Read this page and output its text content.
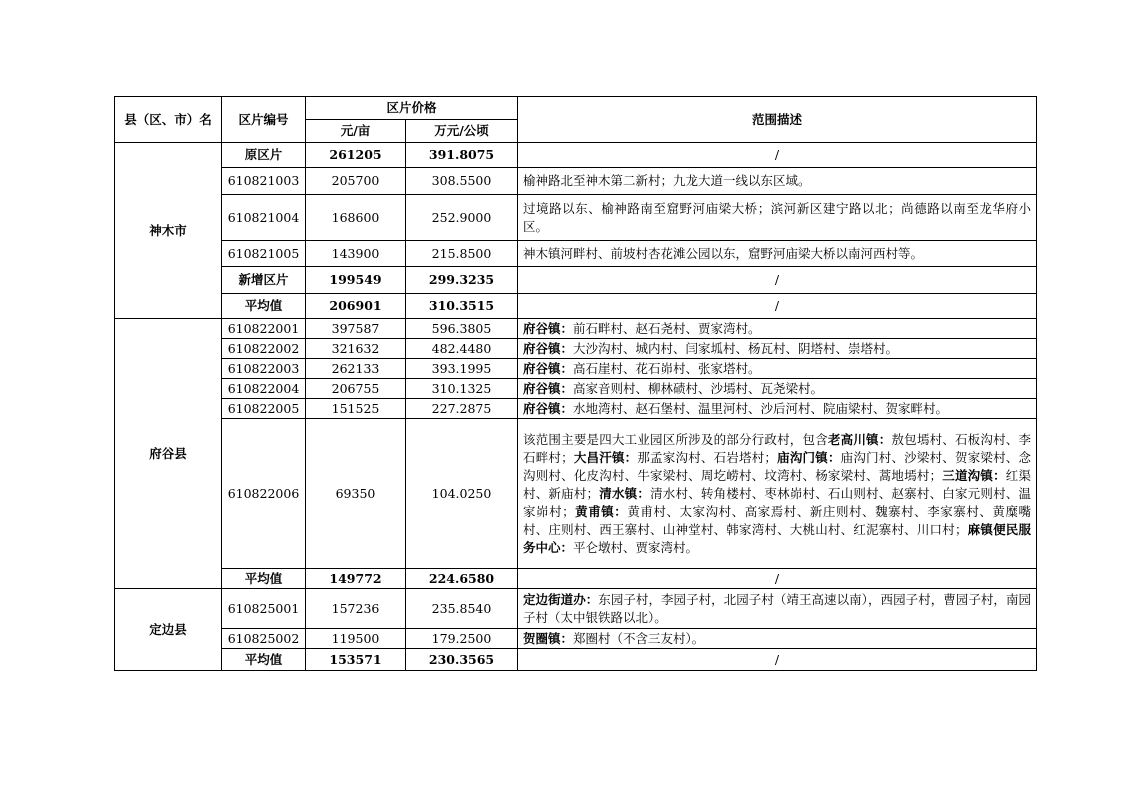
县（区、市）名	区片编号	区片价格		范围描述
		元/亩	万元/公顷	
神木市	原区片	261205	391.8075	/
	610821003	205700	308.5500	榆神路北至神木第二新村；九龙大道一线以东区域。
	610821004	168600	252.9000	过境路以东、榆神路南至窟野河庙梁大桥；滨河新区建宁路以北；尚德路以南至龙华府小区。
	610821005	143900	215.8500	神木镇河畔村、前坡村杏花滩公园以东，窟野河庙梁大桥以南河西村等。
	新增区片	199549	299.3235	/
	平均值	206901	310.3515	/
府谷县	610822001	397587	596.3805	府谷镇：前石畔村、赵石尧村、贾家湾村。
	610822002	321632	482.4480	府谷镇：大沙沟村、城内村、闫家坬村、杨瓦村、阴塔村、崇塔村。
	610822003	262133	393.1995	府谷镇：高石崖村、花石峁村、张家塔村。
	610822004	206755	310.1325	府谷镇：高家音则村、柳林碛村、沙墕村、瓦尧梁村。
	610822005	151525	227.2875	府谷镇：水地湾村、赵石堡村、温里河村、沙后河村、院庙梁村、贺家畔村。
	610822006	69350	104.0250	该范围主要是四大工业园区所涉及的部分行政村，包含老高川镇：敖包墕村、石板沟村、李石畔村；大昌汗镇：那孟家沟村、石岩塔村；庙沟门镇：庙沟门村、沙梁村、贺家梁村、念沟则村、化皮沟村、牛家梁村、周圪崂村、坟湾村、杨家梁村、蒿地墕村；三道沟镇：红渠村、新庙村；清水镇：清水村、转角楼村、枣林峁村、石山则村、赵寨村、白家元则村、温家峁村；黄甫镇：黄甫村、太家沟村、高家焉村、新庄则村、魏寨村、李家寨村、黄糜嘴村、庄则村、西王寨村、山神堂村、韩家湾村、大桃山村、红泥寨村、川口村；麻镇便民服务中心：平仑墩村、贾家湾村。
	平均值	149772	224.6580	/
定边县	610825001	157236	235.8540	定边街道办：东园子村，李园子村，北园子村（靖王高速以南），西园子村，曹园子村，南园子村（太中银铁路以北）。
	610825002	119500	179.2500	贺圈镇：郑圈村（不含三友村）。
	平均值	153571	230.3565	/
